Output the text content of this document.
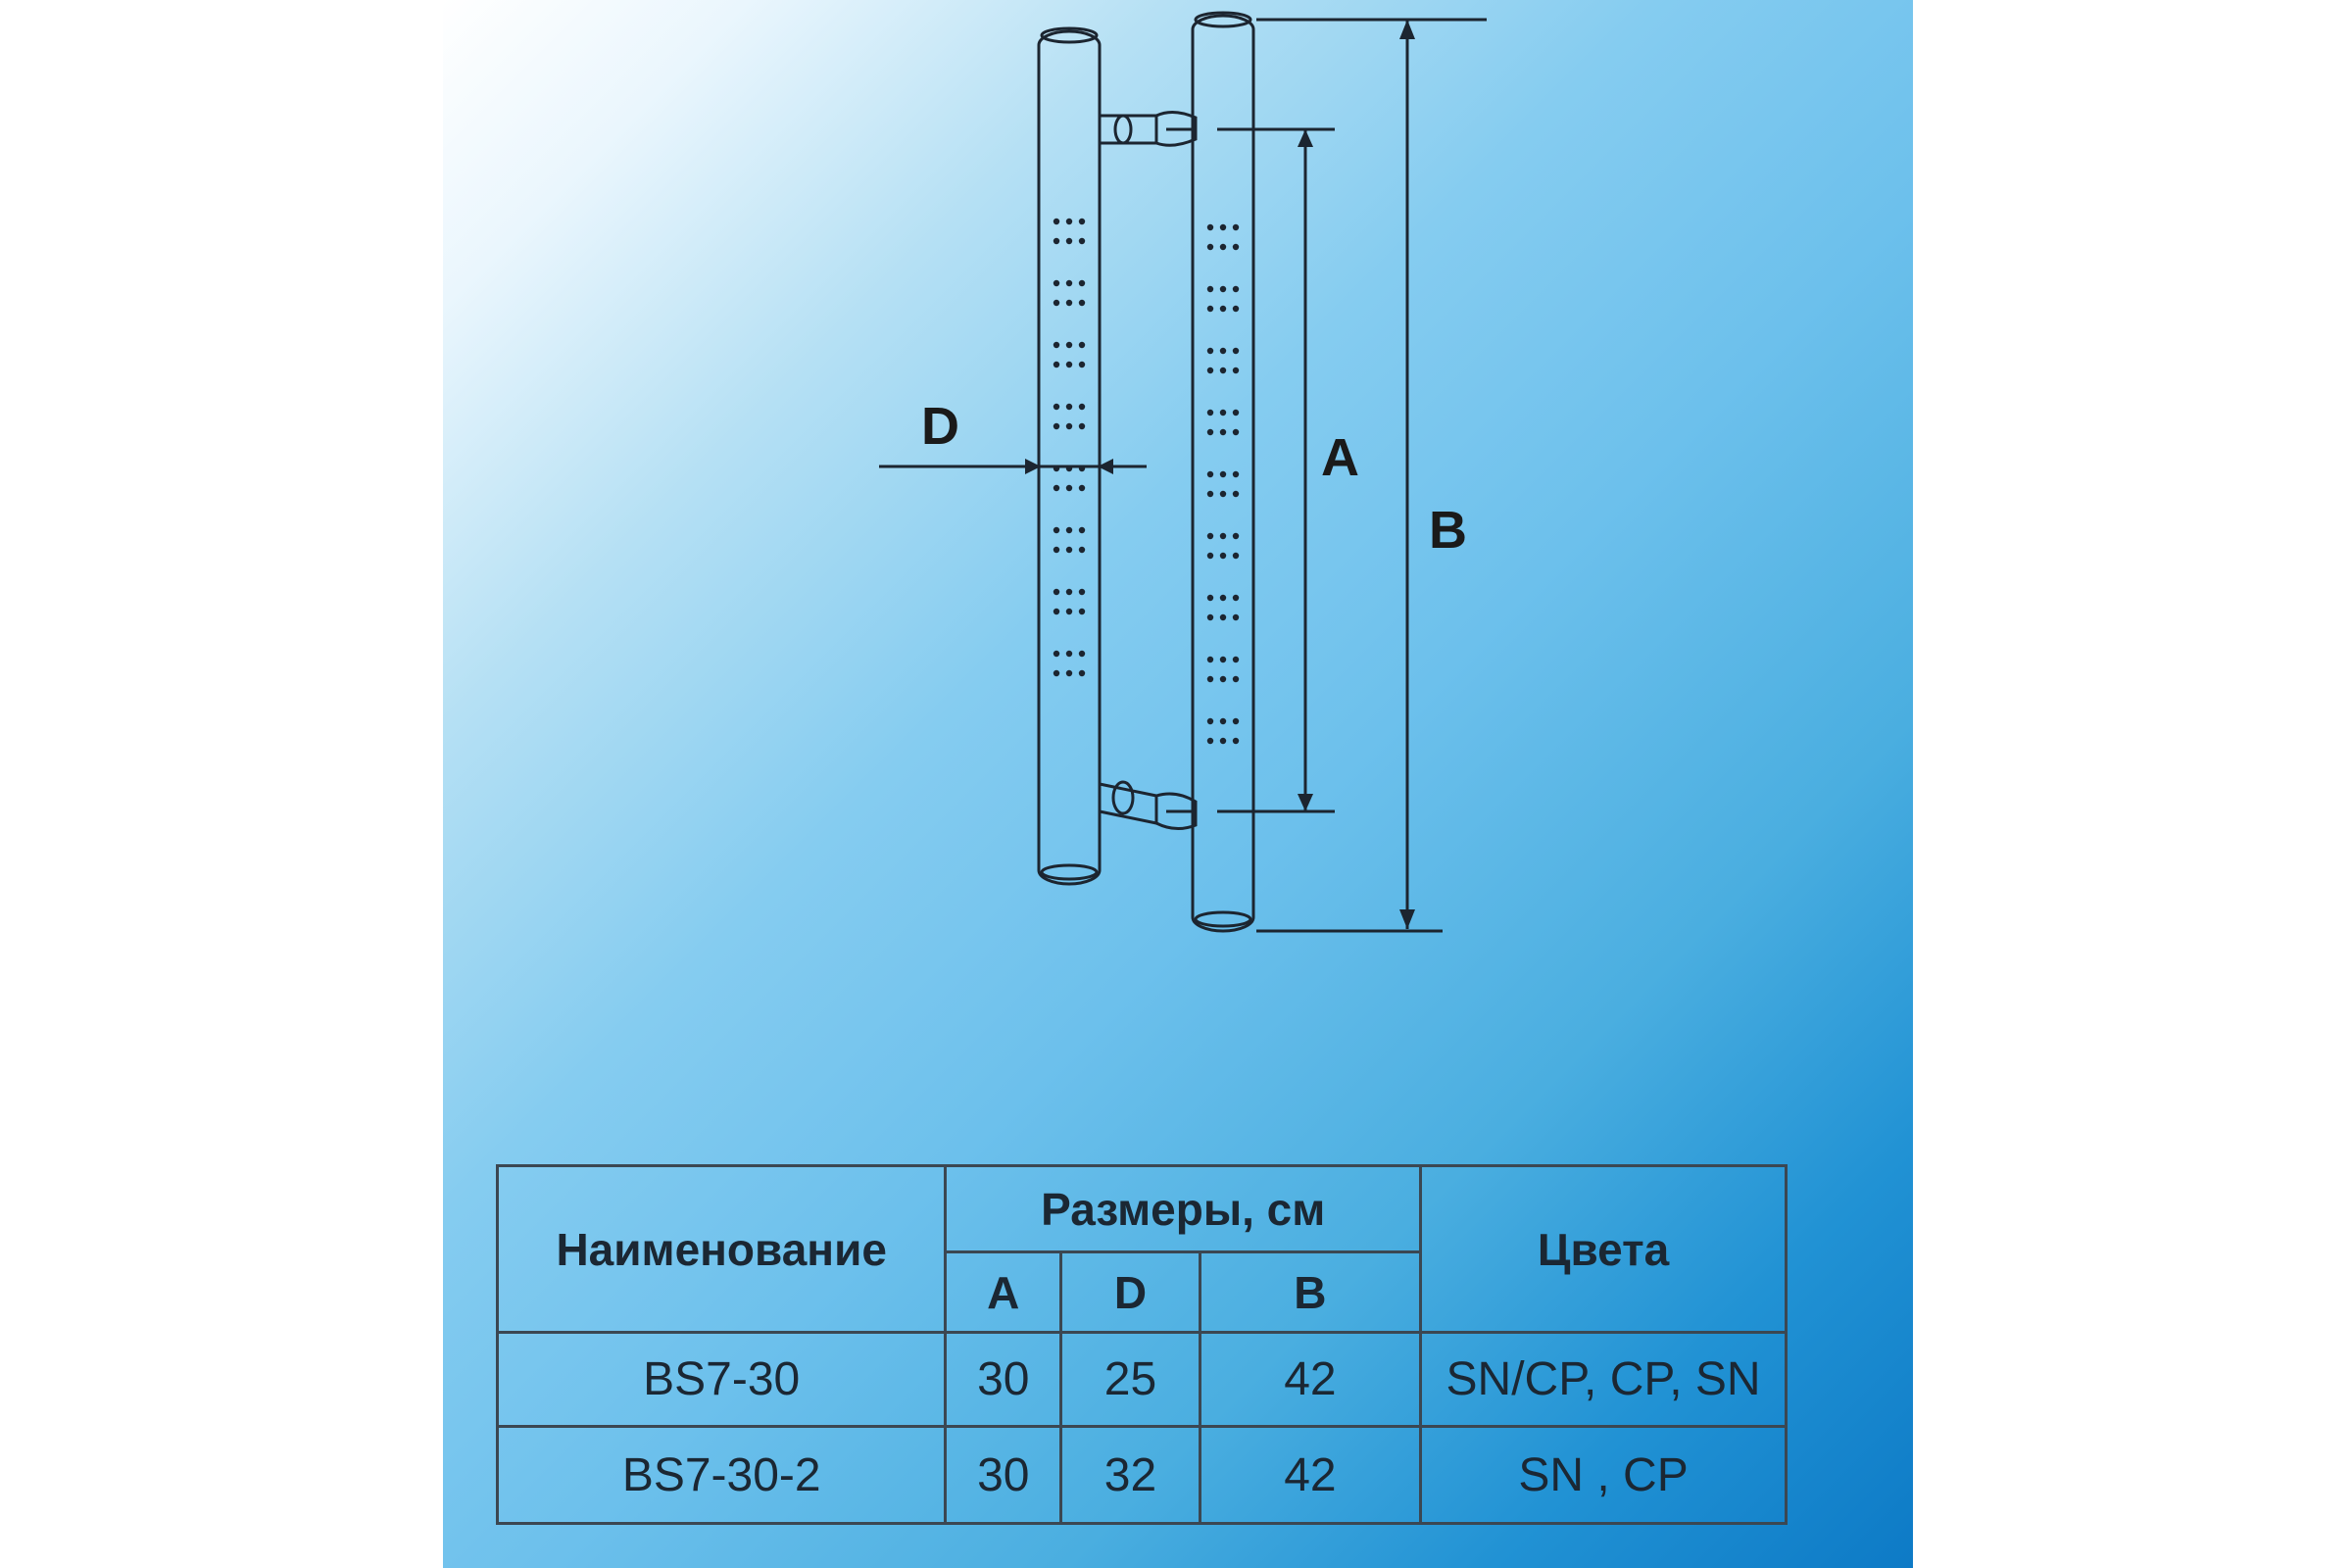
D
A
B
Наименование	Размеры, см			Цвета
	A	D	B	
BS7-30	30	25	42	SN/CP, CP, SN
BS7-30-2	30	32	42	SN , CP
